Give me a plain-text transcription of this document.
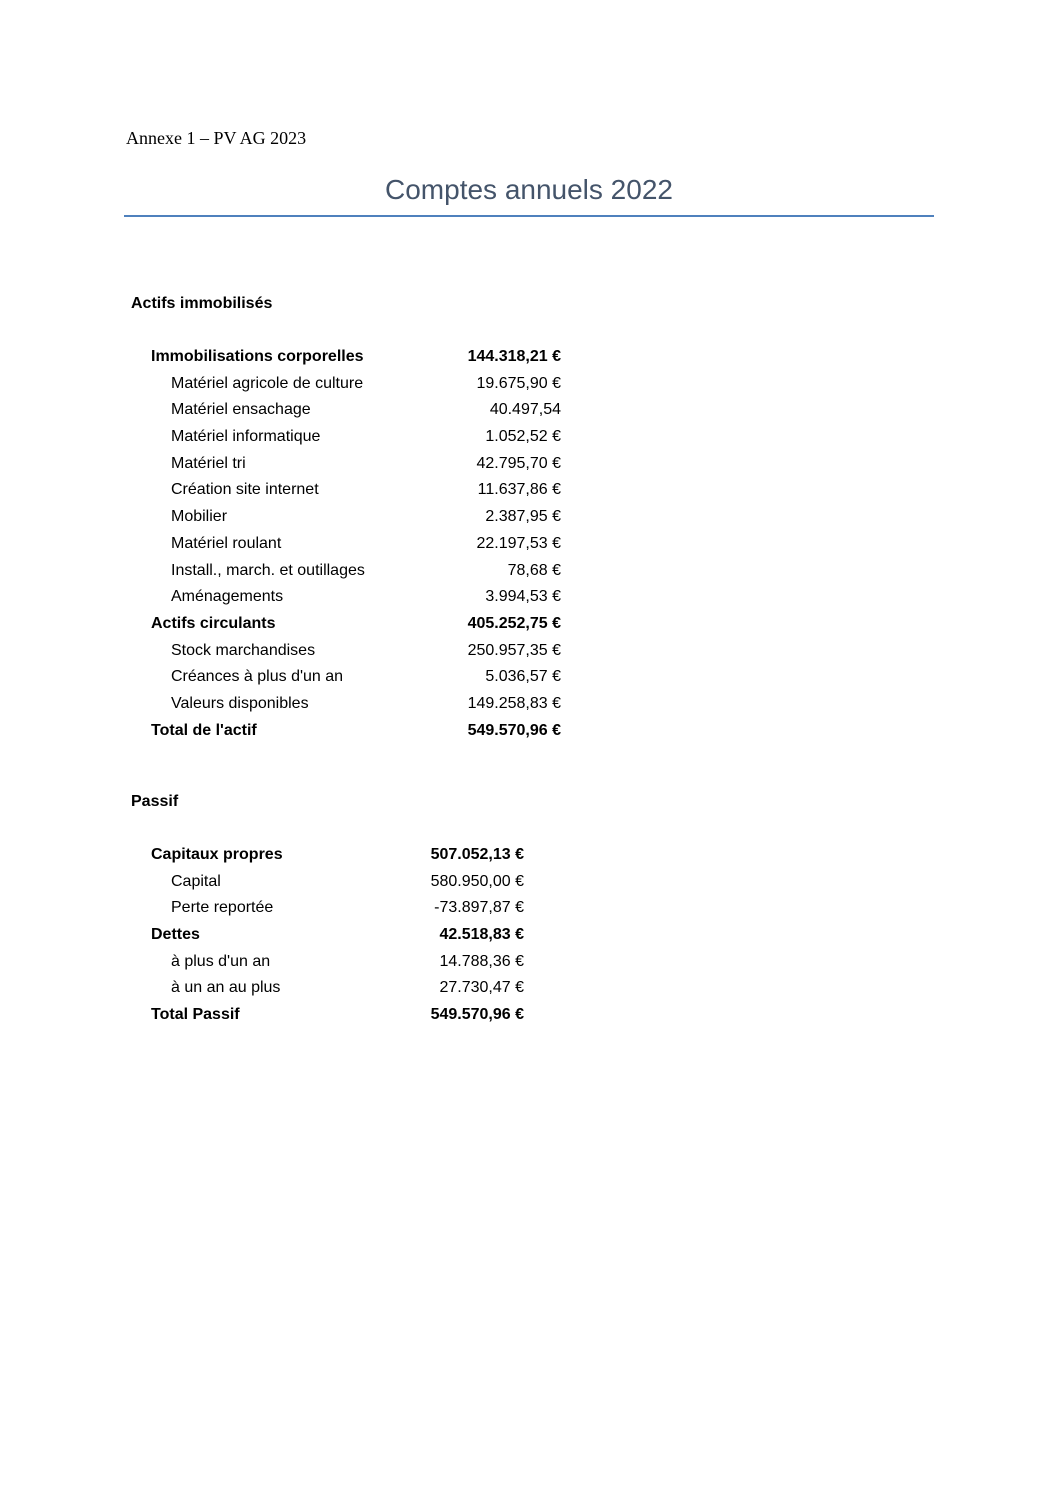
Annexe 1 – PV AG 2023
Comptes annuels 2022
Actifs immobilisés
Immobilisations corporelles	144.318,21 €
Matériel agricole de culture	19.675,90 €
Matériel ensachage	40.497,54
Matériel informatique	1.052,52 €
Matériel tri	42.795,70 €
Création site internet	11.637,86 €
Mobilier	2.387,95 €
Matériel roulant	22.197,53 €
Install., march. et outillages	78,68 €
Aménagements	3.994,53 €
Actifs circulants	405.252,75 €
Stock marchandises	250.957,35 €
Créances à plus d'un an	5.036,57 €
Valeurs disponibles	149.258,83 €
Total de l'actif	549.570,96 €
Passif
Capitaux propres	507.052,13 €
Capital	580.950,00 €
Perte reportée	-73.897,87 €
Dettes	42.518,83 €
à plus d'un an	14.788,36 €
à un an au plus	27.730,47 €
Total Passif	549.570,96 €
